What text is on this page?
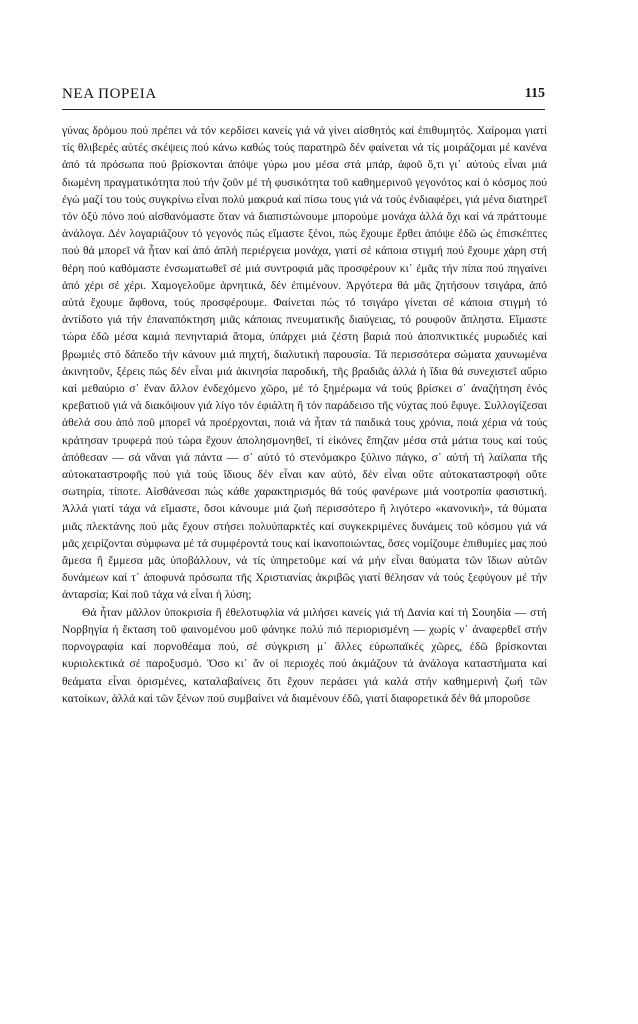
ΝΕΑ ΠΟΡΕΙΑ	115

γύνας δρόμου πού πρέπει νά τόν κερδίσει κανείς γιά νά γίνει αἰσθητός καί ἐπιθυμητός. Χαίρομαι γιατί τίς θλιβερές αὐτές σκέψεις πού κάνω καθώς τούς παρατηρῶ δέν φαίνεται νά τίς μοιράζομαι μέ κανένα ἀπό τά πρόσωπα πού βρίσκονται ἀπόψε γύρω μου μέσα στά μπάρ, ἀφοῦ ὅ,τι γι᾽ αὐτούς εἶναι μιά διωμένη πραγματικότητα πού τήν ζοῦν μέ τή φυσικότητα τοῦ καθημερινοῦ γεγονότος καί ὁ κόσμος πού ἐγώ μαζί του τούς συγκρίνω εἶναι πολύ μακρυά καί πίσω τους γιά νά τούς ἐνδιαφέρει, γιά μένα διατηρεῖ τόν ὀξύ πόνο πού αἰσθανόμαστε ὅταν νά διαπιστώνουμε μπορούμε μονάχα ἀλλά ὄχι καί νά πράττουμε ἀνάλογα. Δέν λογαριάζουν τό γεγονός πώς εἴμαστε ξένοι, πώς ἔχουμε ἔρθει ἀπόψε ἐδῶ ὡς ἐπισκέπτες πού θά μπορεῖ νά ἦταν καί ἀπό ἁπλή περιέργεια μονάχα, γιατί σέ κάποια στιγμή πού ἔχουμε χάρη στή θέρη πού καθόμαστε ἐνσωματωθεῖ σέ μιά συντροφιά μᾶς προσφέρουν κι᾽ ἐμᾶς τήν πίπα πού πηγαίνει ἀπό χέρι σέ χέρι. Χαμογελοῦμε ἀρνητικά, δέν ἐπιμένουν. Ἀργότερα θά μᾶς ζητήσουν τσιγάρα, ἀπό αὐτά ἔχουμε ἄφθονα, τούς προσφέρουμε. Φαίνεται πώς τό τσιγάρο γίνεται σέ κάποια στιγμή τό ἀντίδοτο γιά τήν ἐπαναπόκτηση μιᾶς κάποιας πνευματικῆς διαύγειας, τό ρουφοῦν ἄπληστα. Εἴμαστε τώρα ἐδῶ μέσα καμιά πενηνταριά ἄτομα, ὑπάρχει μιά ζέστη βαριά πού ἀποπνικτικές μυρωδιές καί βρωμιές στό δάπεδο τήν κάνουν μιά πηχτή, διαλυτική παρουσία. Τά περισσότερα σώματα χαυνωμένα ἀκινητοῦν, ξέρεις πώς δέν εἶναι μιά ἀκινησία παροδική, τῆς βραδιᾶς ἀλλά ἡ ἴδια θά συνεχιστεῖ αὔριο καί μεθαύριο σ᾽ ἕναν ἄλλον ἐνδεχόμενο χῶρο, μέ τό ξημέρωμα νά τούς βρίσκει σ᾽ ἀναζήτηση ἑνός κρεβατιοῦ γιά νά διακόψουν γιά λίγο τόν ἐφιάλτη ἢ τόν παράδεισο τῆς νύχτας πού ἔφυγε. Συλλογίζεσαι ἀθελά σου ἀπό ποῦ μπορεῖ νά προέρχονται, ποιά νά ἦταν τά παιδικά τους χρόνια, ποιά χέρια νά τούς κράτησαν τρυφερά πού τώρα ἔχουν ἀπολησμονηθεῖ, τί εἰκόνες ἔπηζαν μέσα στά μάτια τους καί τούς ἀπόθεσαν — σά νἄναι γιά πάντα — σ᾽ αὐτό τό στενόμακρο ξύλινο πάγκο, σ᾽ αὐτή τή λαίλαπα τῆς αὐτοκαταστροφῆς πού γιά τούς ἴδιους δέν εἶναι καν αὐτό, δέν εἶναι οὔτε αὐτοκαταστροφή οὔτε σωτηρία, τίποτε. Αἰσθάνεσαι πώς κάθε χαρακτηρισμός θά τούς φανέρωνε μιά νοοτροπία φασιστική. Ἀλλά γιατί τάχα νά εἴμαστε, ὅσοι κάνουμε μιά ζωή περισσότερο ἢ λιγότερο «κανονική», τά θύματα μιᾶς πλεκτάνης πού μᾶς ἔχουν στήσει πολυύπαρκτές καί συγκεκριμένες δυνάμεις τοῦ κόσμου γιά νά μᾶς χειρίζονται σύμφωνα μέ τά συμφέροντά τους καί ἱκανοποιώντας, ὅσες νομίζουμε ἐπιθυμίες μας πού ἄμεσα ἢ ἔμμεσα μᾶς ὑποβάλλουν, νά τίς ὑπηρετοῦμε καί νά μήν εἶναι θαύματα τῶν ἴδιων αὐτῶν δυνάμεων καί τ᾽ ἀποφυνά πρόσωπα τῆς Χριστιανίας ἀκριβῶς γιατί θέλησαν νά τούς ξεφύγουν μέ τήν ἀνταρσία; Καί ποῦ τάχα νά εἶναι ἡ λύση;

Θά ἦταν μᾶλλον ὑποκρισία ἢ ἐθελοτυφλία νά μιλήσει κανείς γιά τή Δανία καί τή Σουηδία — στή Νορβηγία ἡ ἔκταση τοῦ φαινομένου μοῦ φάνηκε πολύ πιό περιορισμένη — χωρίς ν᾽ ἀναφερθεῖ στήν πορνογραφία καί πορνοθέαμα πού, σέ σύγκριση μ᾽ ἄλλες εὐρωπαϊκές χῶρες, ἐδῶ βρίσκονται κυριολεκτικά σέ παροξυσμό. Ὅσο κι᾽ ἄν οἱ περιοχές πού ἀκμάζουν τά ἀνάλογα καταστήματα καί θεάματα εἶναι ὁρισμένες, καταλαβαίνεις ὅτι ἔχουν περάσει γιά καλά στήν καθημερινή ζωή τῶν κατοίκων, ἀλλά καί τῶν ξένων πού συμβαίνει νά διαμένουν ἐδῶ, γιατί διαφορετικά δέν θά μποροῦσε
